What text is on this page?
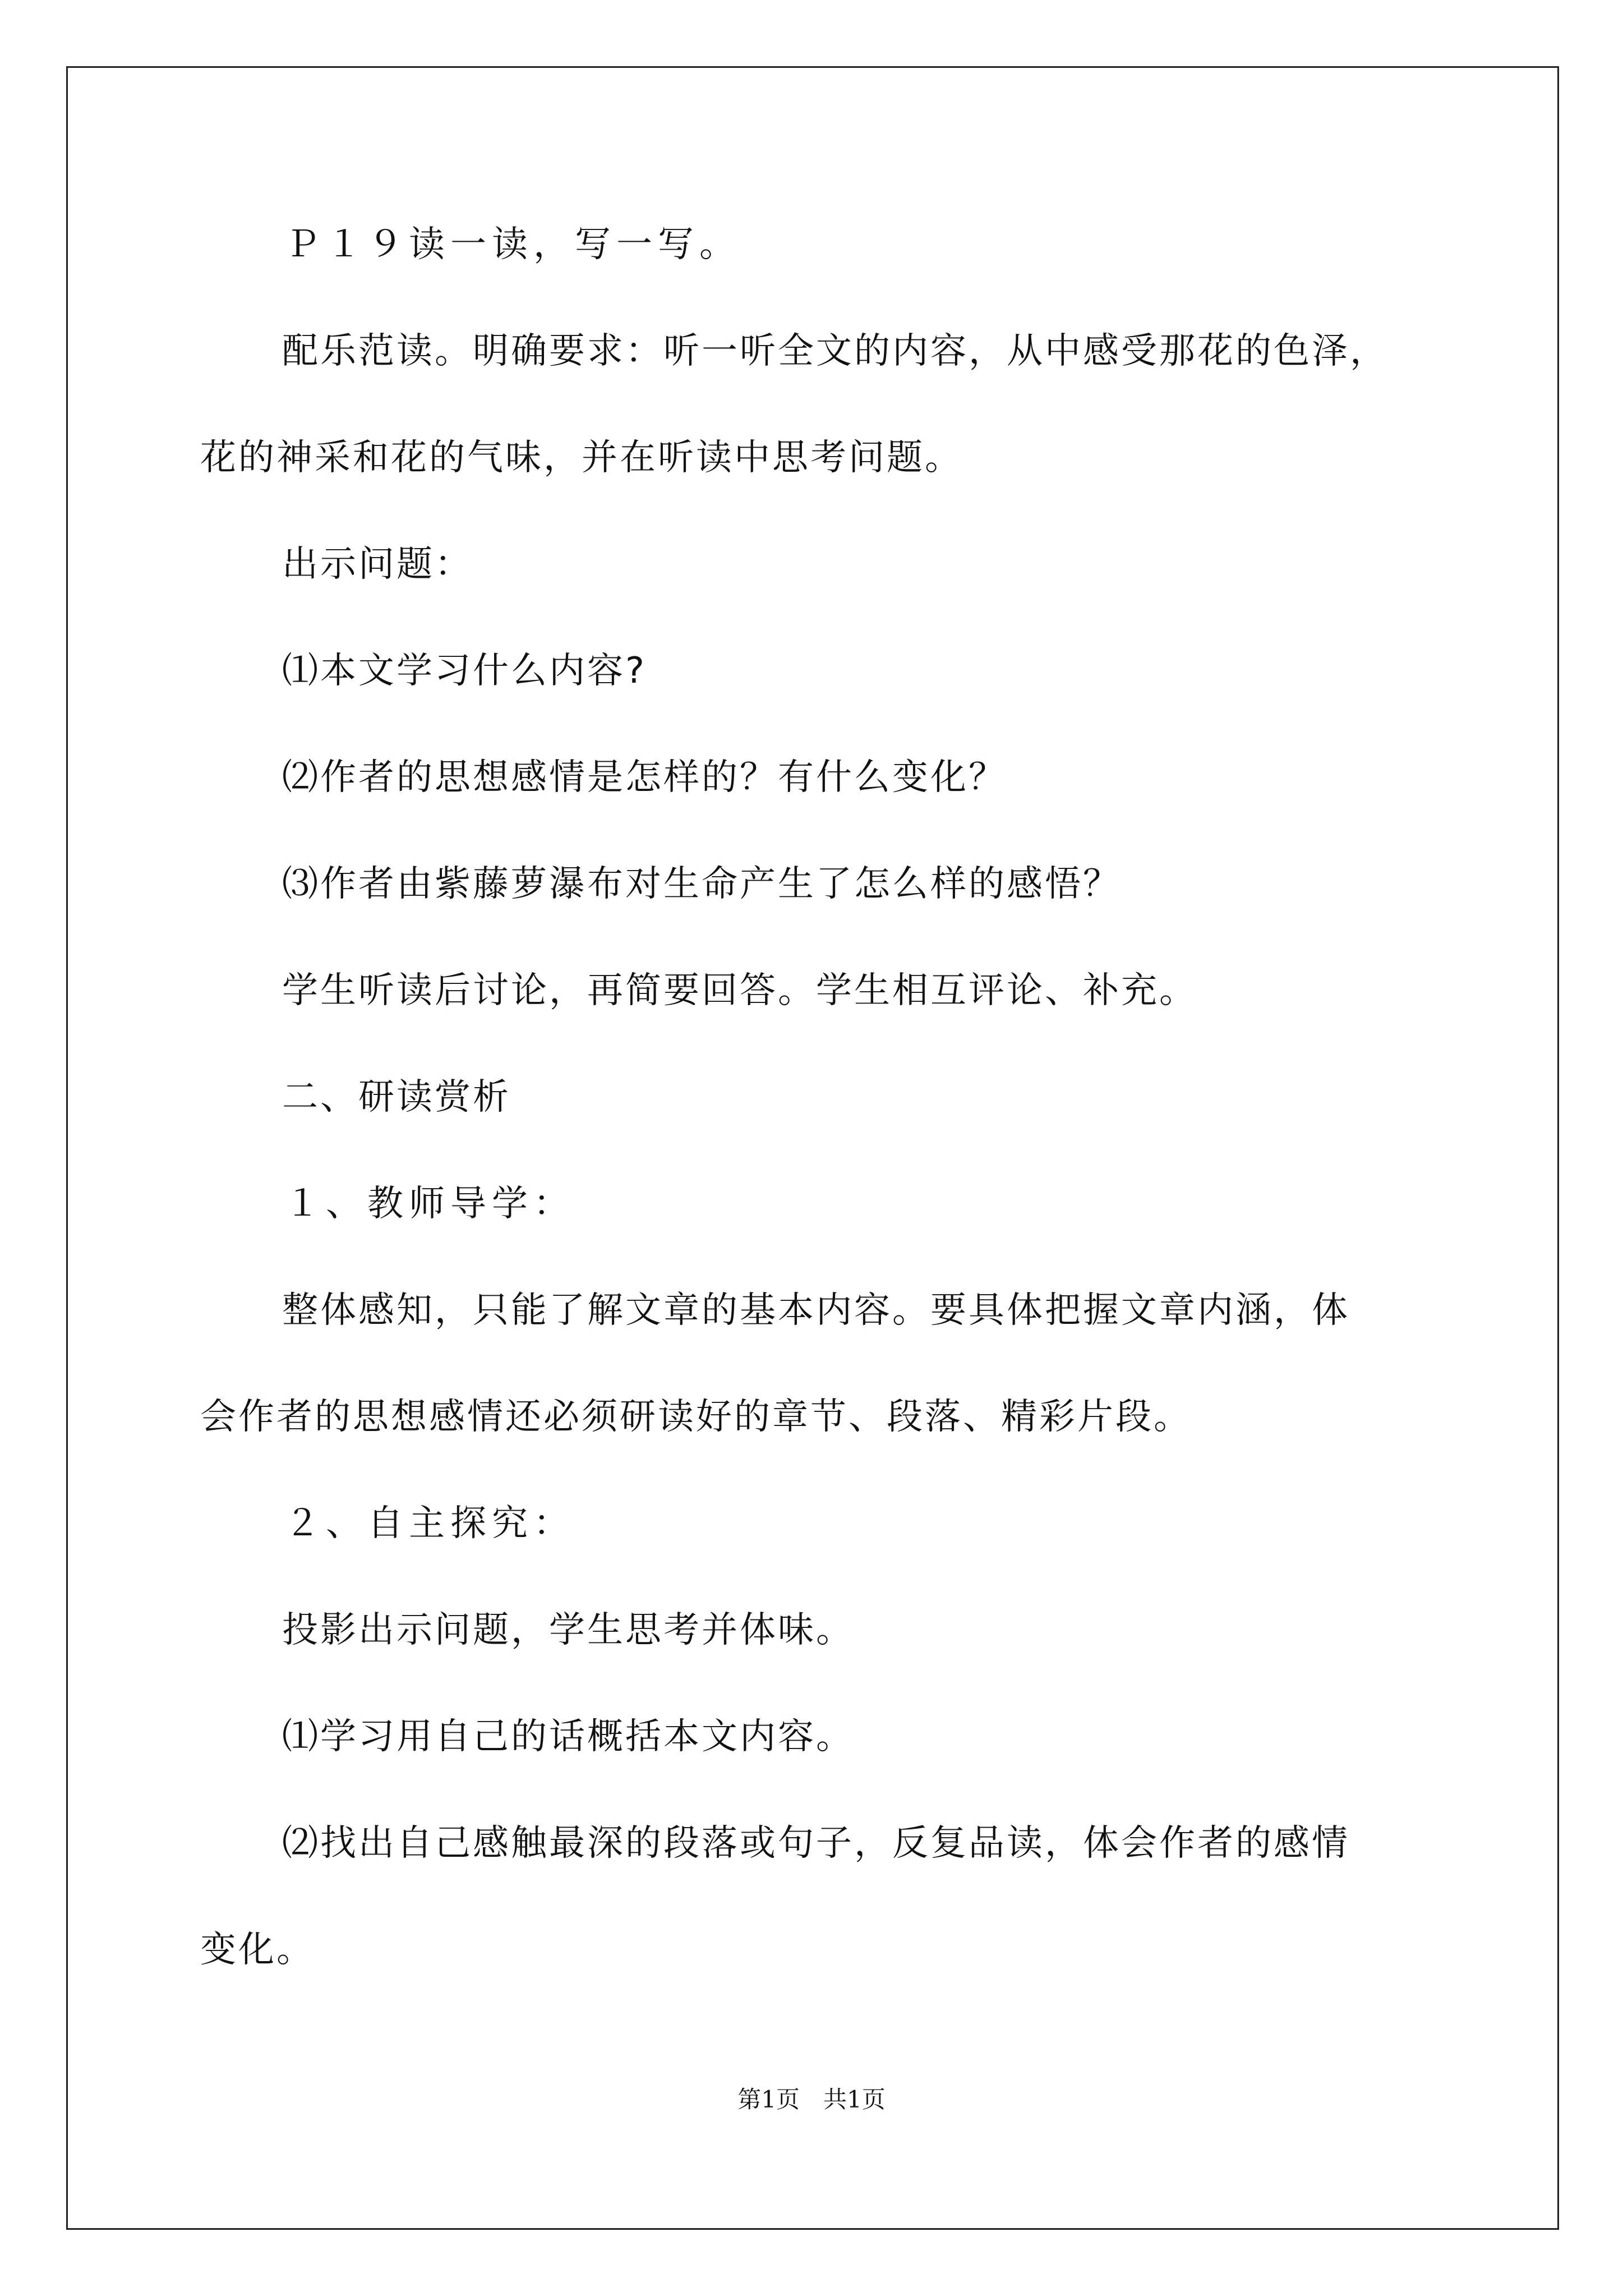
Ｐ１９读一读，写一写。
配乐范读。明确要求：听一听全文的内容，从中感受那花的色泽，
花的神采和花的气味，并在听读中思考问题。
出示问题：
⑴本文学习什么内容?
⑵作者的思想感情是怎样的？有什么变化？
⑶作者由紫藤萝瀑布对生命产生了怎么样的感悟？
学生听读后讨论，再简要回答。学生相互评论、补充。
二、研读赏析
１、教师导学：
整体感知，只能了解文章的基本内容。要具体把握文章内涵，体
会作者的思想感情还必须研读好的章节、段落、精彩片段。
２、自主探究：
投影出示问题，学生思考并体味。
⑴学习用自己的话概括本文内容。
⑵找出自己感触最深的段落或句子，反复品读，体会作者的感情
变化。
第1页　共1页
